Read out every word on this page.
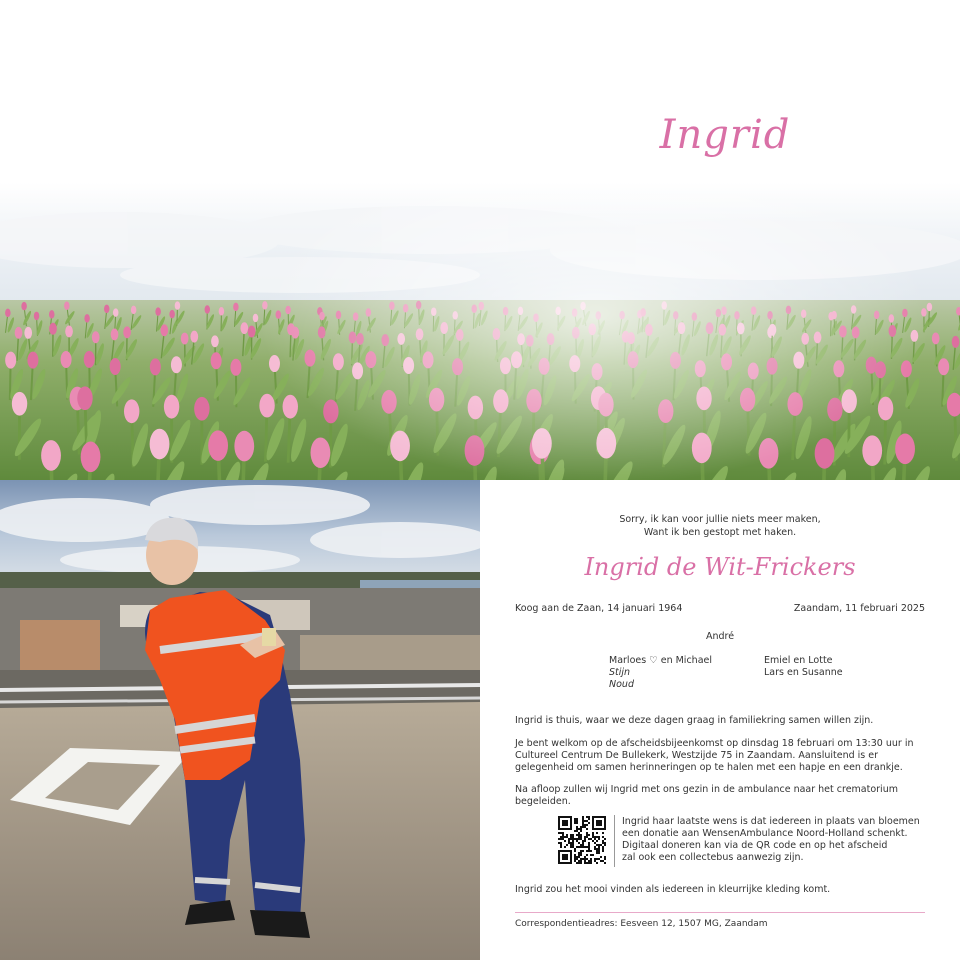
Ingrid
Sorry, ik kan voor jullie niets meer maken,
Want ik ben gestopt met haken.
Ingrid de Wit-Frickers
Koog aan de Zaan, 14 januari 1964	Zaandam, 11 februari 2025
André
Marloes ♡ en Michael
Stijn
Noud
Emiel en Lotte
Lars en Susanne
Ingrid is thuis, waar we deze dagen graag in familiekring samen willen zijn.
Je bent welkom op de afscheidsbijeenkomst op dinsdag 18 februari om 13:30 uur in Cultureel Centrum De Bullekerk, Westzijde 75 in Zaandam. Aansluitend is er gelegenheid om samen herinneringen op te halen met een hapje en een drankje.
Na afloop zullen wij Ingrid met ons gezin in de ambulance naar het crematorium begeleiden.
Ingrid haar laatste wens is dat iedereen in plaats van bloemen
een donatie aan WensenAmbulance Noord-Holland schenkt.
Digitaal doneren kan via de QR code en op het afscheid
zal ook een collectebus aanwezig zijn.
Ingrid zou het mooi vinden als iedereen in kleurrijke kleding komt.
Correspondentieadres: Eesveen 12, 1507 MG, Zaandam
